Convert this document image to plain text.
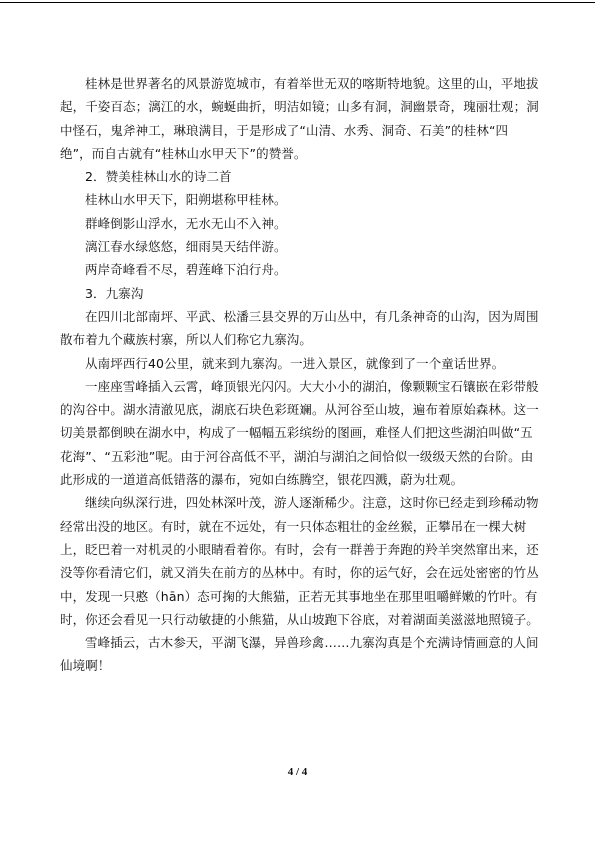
桂林是世界著名的风景游览城市，有着举世无双的喀斯特地貌。这里的山，平地拔起，千姿百态；漓江的水，蜿蜒曲折，明洁如镜；山多有洞，洞幽景奇，瑰丽壮观；洞中怪石，鬼斧神工，琳琅满目，于是形成了“山清、水秀、洞奇、石美”的桂林“四绝”，而自古就有“桂林山水甲天下”的赞誉。

2．赞美桂林山水的诗二首

桂林山水甲天下，阳朔堪称甲桂林。

群峰倒影山浮水，无水无山不入神。

漓江春水绿悠悠，细雨昊天结伴游。

两岸奇峰看不尽，碧莲峰下泊行舟。

3．九寨沟

在四川北部南坪、平武、松潘三县交界的万山丛中，有几条神奇的山沟，因为周围散布着九个藏族村寨，所以人们称它九寨沟。

从南坪西行40公里，就来到九寨沟。一进入景区，就像到了一个童话世界。

一座座雪峰插入云霄，峰顶银光闪闪。大大小小的湖泊，像颗颗宝石镶嵌在彩带般的沟谷中。湖水清澈见底，湖底石块色彩斑斓。从河谷至山坡，遍布着原始森林。这一切美景都倒映在湖水中，构成了一幅幅五彩缤纷的图画，难怪人们把这些湖泊叫做“五花海”、“五彩池”呢。由于河谷高低不平，湖泊与湖泊之间恰似一级级天然的台阶。由此形成的一道道高低错落的瀑布，宛如白练腾空，银花四溅，蔚为壮观。

继续向纵深行进，四处林深叶茂，游人逐渐稀少。注意，这时你已经走到珍稀动物经常出没的地区。有时，就在不远处，有一只体态粗壮的金丝猴，正攀吊在一棵大树上，眨巴着一对机灵的小眼睛看着你。有时，会有一群善于奔跑的羚羊突然窜出来，还没等你看清它们，就又消失在前方的丛林中。有时，你的运气好，会在远处密密的竹丛中，发现一只憨（hān）态可掬的大熊猫，正若无其事地坐在那里咀嚼鲜嫩的竹叶。有时，你还会看见一只行动敏捷的小熊猫，从山坡跑下谷底，对着湖面美滋滋地照镜子。

雪峰插云，古木参天，平湖飞瀑，异兽珍禽……九寨沟真是个充满诗情画意的人间仙境啊！

4 / 4
